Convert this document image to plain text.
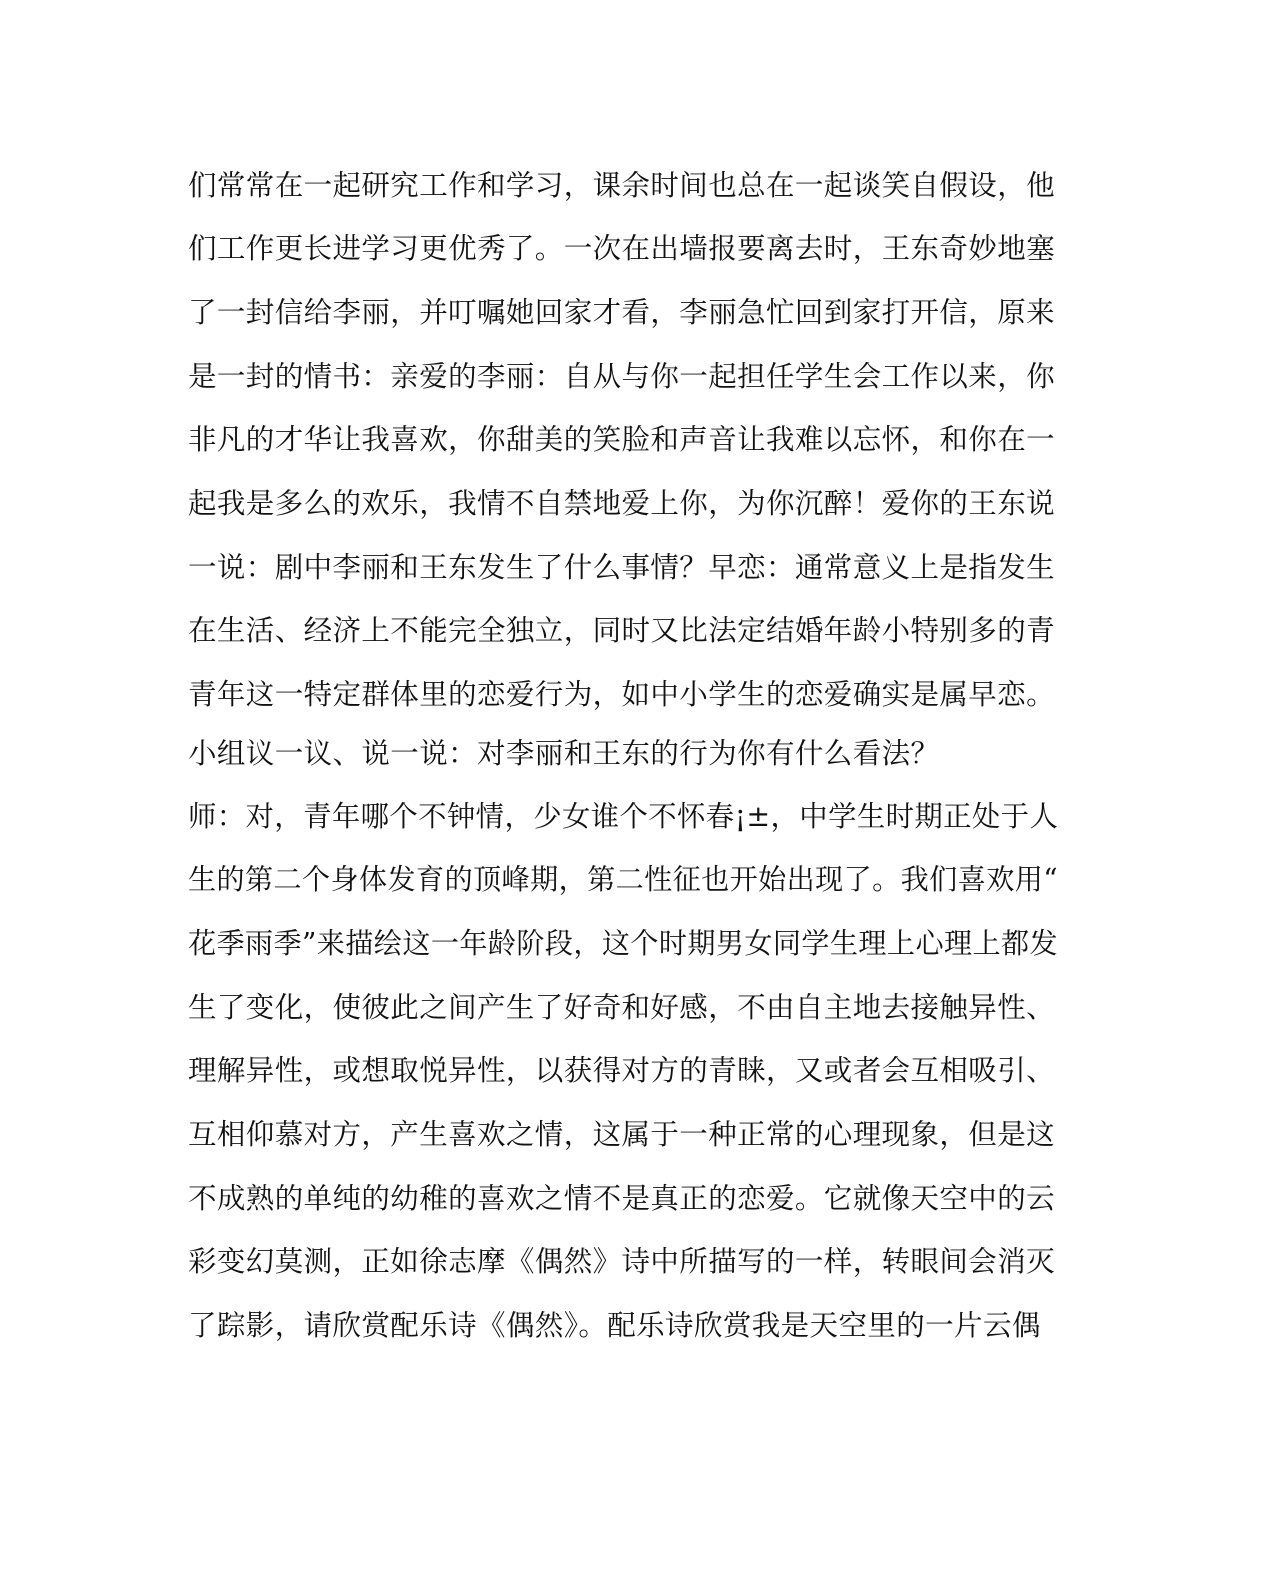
们常常在一起研究工作和学习，课余时间也总在一起谈笑自假设，他
们工作更长进学习更优秀了。一次在出墙报要离去时，王东奇妙地塞
了一封信给李丽，并叮嘱她回家才看，李丽急忙回到家打开信，原来
是一封的情书：亲爱的李丽：自从与你一起担任学生会工作以来，你
非凡的才华让我喜欢，你甜美的笑脸和声音让我难以忘怀，和你在一
起我是多么的欢乐，我情不自禁地爱上你，为你沉醉！爱你的王东说
一说：剧中李丽和王东发生了什么事情？早恋：通常意义上是指发生
在生活、经济上不能完全独立，同时又比法定结婚年龄小特别多的青
青年这一特定群体里的恋爱行为，如中小学生的恋爱确实是属早恋。
小组议一议、说一说：对李丽和王东的行为你有什么看法？
师：对，青年哪个不钟情，少女谁个不怀春¡±，中学生时期正处于人
生的第二个身体发育的顶峰期，第二性征也开始出现了。我们喜欢用“
花季雨季”来描绘这一年龄阶段，这个时期男女同学生理上心理上都发
生了变化，使彼此之间产生了好奇和好感，不由自主地去接触异性、
理解异性，或想取悦异性，以获得对方的青睐，又或者会互相吸引、
互相仰慕对方，产生喜欢之情，这属于一种正常的心理现象，但是这
不成熟的单纯的幼稚的喜欢之情不是真正的恋爱。它就像天空中的云
彩变幻莫测，正如徐志摩《偶然》诗中所描写的一样，转眼间会消灭
了踪影，请欣赏配乐诗《偶然》。配乐诗欣赏我是天空里的一片云偶
